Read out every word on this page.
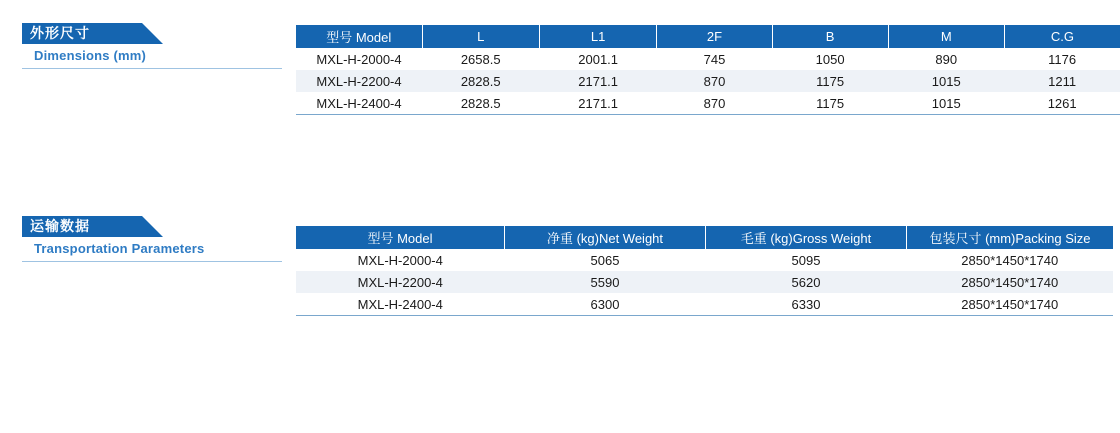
外形尺寸
Dimensions (mm)
型号 Model	L	L1	2F	B	M	C.G
MXL-H-2000-4	2658.5	2001.1	745	1050	890	1176
MXL-H-2200-4	2828.5	2171.1	870	1175	1015	1211
MXL-H-2400-4	2828.5	2171.1	870	1175	1015	1261
运输数据
Transportation Parameters
型号 Model	净重 (kg)Net Weight	毛重 (kg)Gross Weight	包装尺寸 (mm)Packing Size
MXL-H-2000-4	5065	5095	2850*1450*1740
MXL-H-2200-4	5590	5620	2850*1450*1740
MXL-H-2400-4	6300	6330	2850*1450*1740
